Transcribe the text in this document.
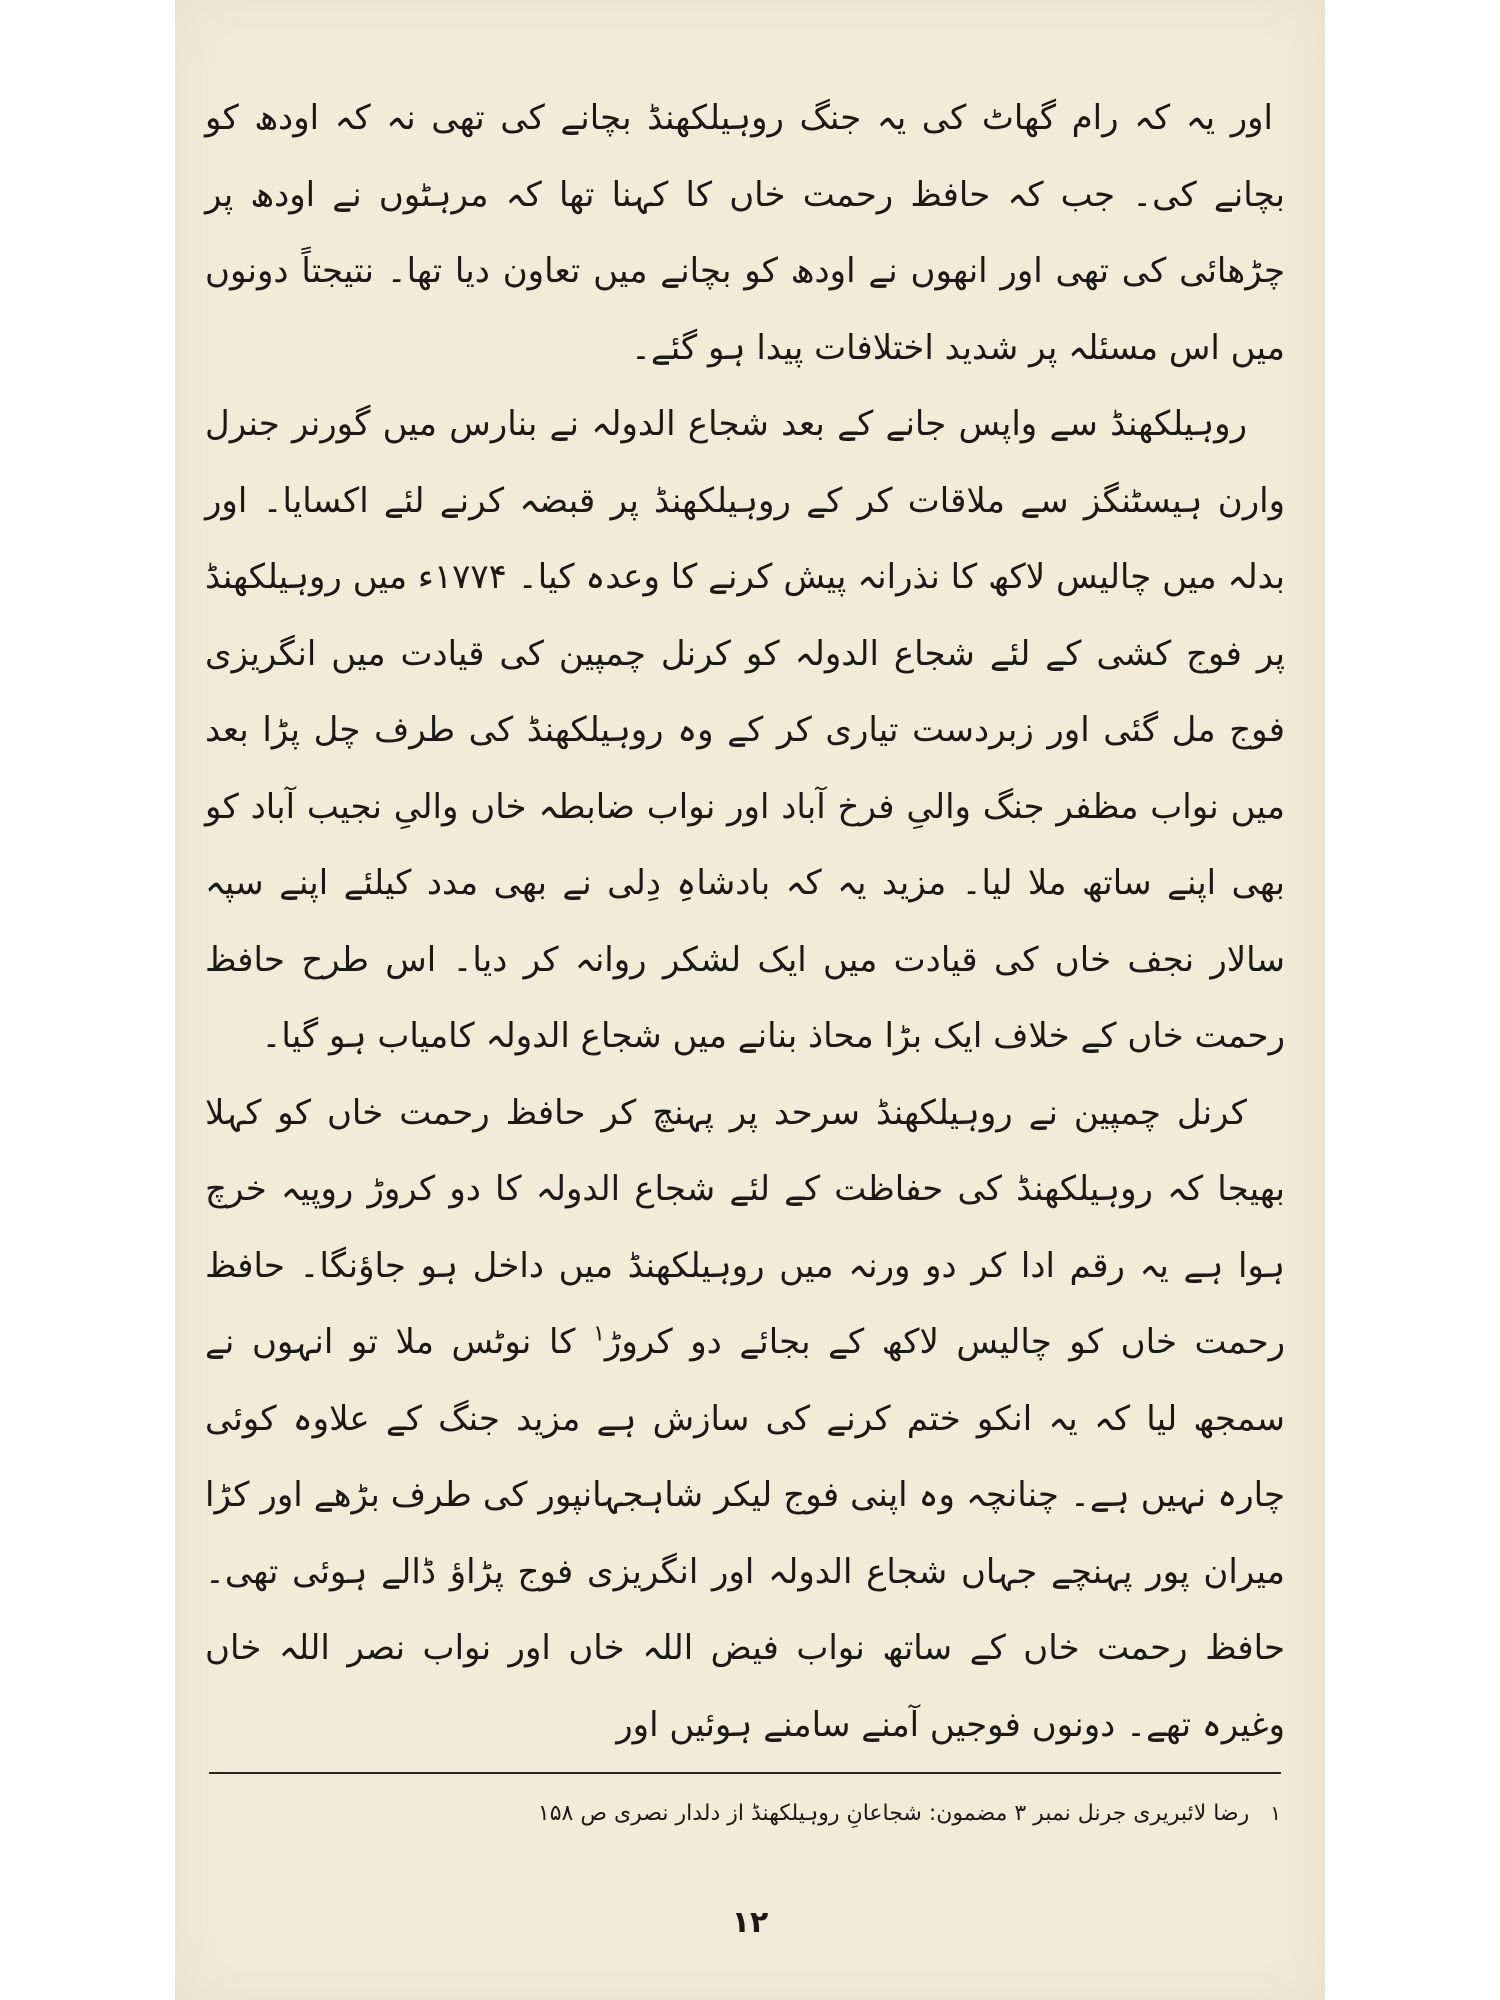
اور یہ کہ رام گھاٹ کی یہ جنگ روہیلکھنڈ بچانے کی تھی نہ کہ اودھ کو بچانے کی۔ جب کہ حافظ رحمت خاں کا کہنا تھا کہ مرہٹوں نے اودھ پر چڑھائی کی تھی اور انھوں نے اودھ کو بچانے میں تعاون دیا تھا۔ نتیجتاً دونوں میں اس مسئلہ پر شدید اختلافات پیدا ہو گئے۔

روہیلکھنڈ سے واپس جانے کے بعد شجاع الدولہ نے بنارس میں گورنر جنرل وارن ہیسٹنگز سے ملاقات کر کے روہیلکھنڈ پر قبضہ کرنے لئے اکسایا۔ اور بدلہ میں چالیس لاکھ کا نذرانہ پیش کرنے کا وعدہ کیا۔ ۱۷۷۴ء میں روہیلکھنڈ پر فوج کشی کے لئے شجاع الدولہ کو کرنل چمپین کی قیادت میں انگریزی فوج مل گئی اور زبردست تیاری کر کے وہ روہیلکھنڈ کی طرف چل پڑا بعد میں نواب مظفر جنگ والیِ فرخ آباد اور نواب ضابطہ خاں والیِ نجیب آباد کو بھی اپنے ساتھ ملا لیا۔ مزید یہ کہ بادشاہِ دِلی نے بھی مدد کیلئے اپنے سپہ سالار نجف خاں کی قیادت میں ایک لشکر روانہ کر دیا۔ اس طرح حافظ رحمت خاں کے خلاف ایک بڑا محاذ بنانے میں شجاع الدولہ کامیاب ہو گیا۔

کرنل چمپین نے روہیلکھنڈ سرحد پر پہنچ کر حافظ رحمت خاں کو کہلا بھیجا کہ روہیلکھنڈ کی حفاظت کے لئے شجاع الدولہ کا دو کروڑ روپیہ خرچ ہوا ہے یہ رقم ادا کر دو ورنہ میں روہیلکھنڈ میں داخل ہو جاؤنگا۔ حافظ رحمت خاں کو چالیس لاکھ کے بجائے دو کروڑ$^۱$ کا نوٹس ملا تو انہوں نے سمجھ لیا کہ یہ انکو ختم کرنے کی سازش ہے مزید جنگ کے علاوہ کوئی چارہ نہیں ہے۔ چنانچہ وہ اپنی فوج لیکر شاہجہانپور کی طرف بڑھے اور کڑا میران پور پہنچے جہاں شجاع الدولہ اور انگریزی فوج پڑاؤ ڈالے ہوئی تھی۔ حافظ رحمت خاں کے ساتھ نواب فیض اللہ خاں اور نواب نصر اللہ خاں وغیرہ تھے۔ دونوں فوجیں آمنے سامنے ہوئیں اور

۱ رضا لائبریری جرنل نمبر ۳ مضمون: شجاعانِ روہیلکھنڈ از دلدار نصری ص ۱۵۸
۱۲
